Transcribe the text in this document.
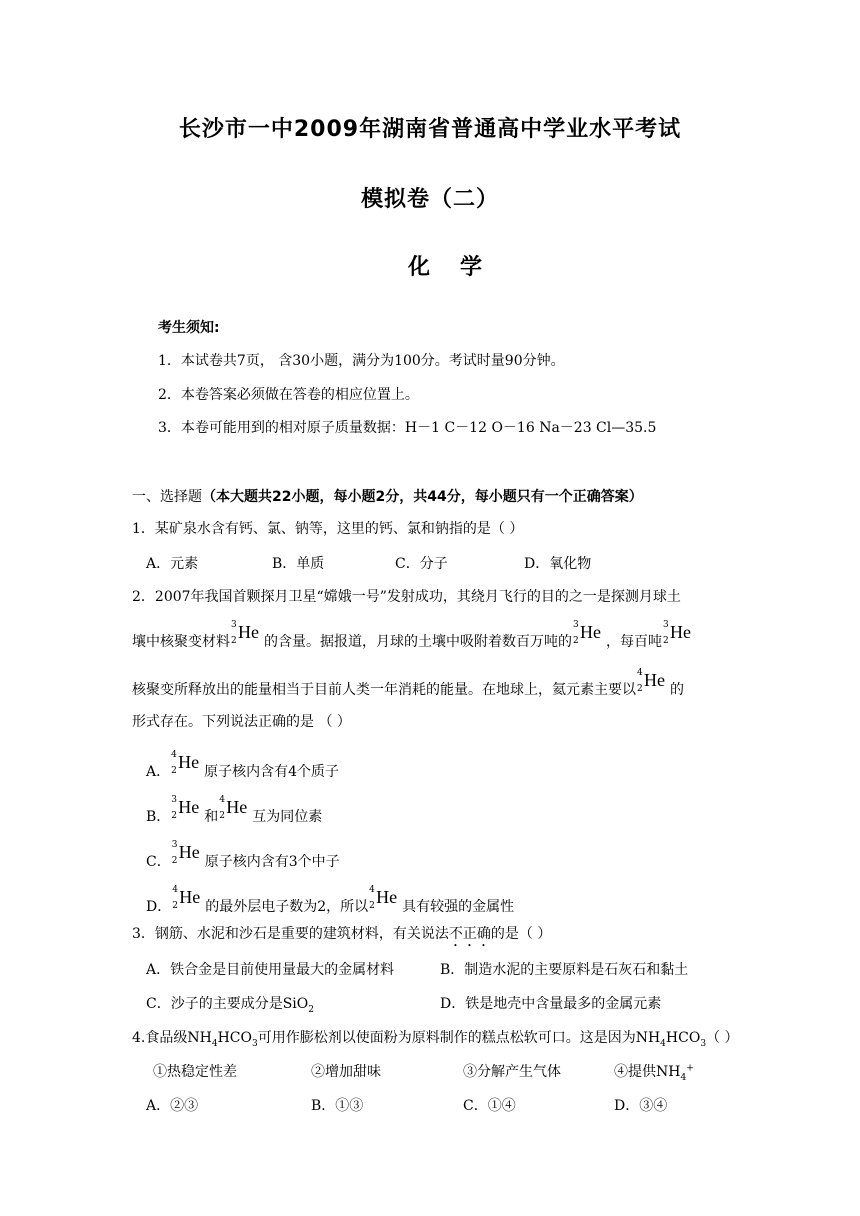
长沙市一中2009年湖南省普通高中学业水平考试
模拟卷（二）
化学
考生须知:
1．本试卷共7页， 含30小题，满分为100分。考试时量90分钟。
2．本卷答案必须做在答卷的相应位置上。
3．本卷可能用到的相对原子质量数据：H－1 C－12 O－16 Na－23 Cl—35.5
一、选择题（本大题共22小题，每小题2分，共44分，每小题只有一个正确答案）
1．某矿泉水含有钙、氯、钠等，这里的钙、氯和钠指的是（ ）
A．元素	B．单质	C．分子	D．氧化物
2．2007年我国首颗探月卫星“嫦娥一号”发射成功，其绕月飞行的目的之一是探测月球土
壤中核聚变材料
3
2 He 的含量。据报道，月球的土壤中吸附着数百万吨的
3
2 He ，每百吨
3
2 He
核聚变所释放出的能量相当于目前人类一年消耗的能量。在地球上，氦元素主要以
4
2 He 的
形式存在。下列说法正确的是 （ ）
A．
4
2 He 原子核内含有4个质子
B．
3
2 He 和
4
2 He 互为同位素
C．
3
2 He 原子核内含有3个中子
D．
4
2 He 的最外层电子数为2，所以
4
2 He 具有较强的金属性
3．钢筋、水泥和沙石是重要的建筑材料，有关说法不正确的是（ ）
A．铁合金是目前使用量最大的金属材料	B．制造水泥的主要原料是石灰石和黏土
C．沙子的主要成分是SiO$_2$	D．铁是地壳中含量最多的金属元素
4.食品级$NH_4HCO_3$可用作膨松剂以使面粉为原料制作的糕点松软可口。这是因为$NH_4HCO_3$（ ）
①热稳定性差	②增加甜味	③分解产生气体	④提供$NH_4^+$
A．②③	B．①③	C．①④	D．③④
